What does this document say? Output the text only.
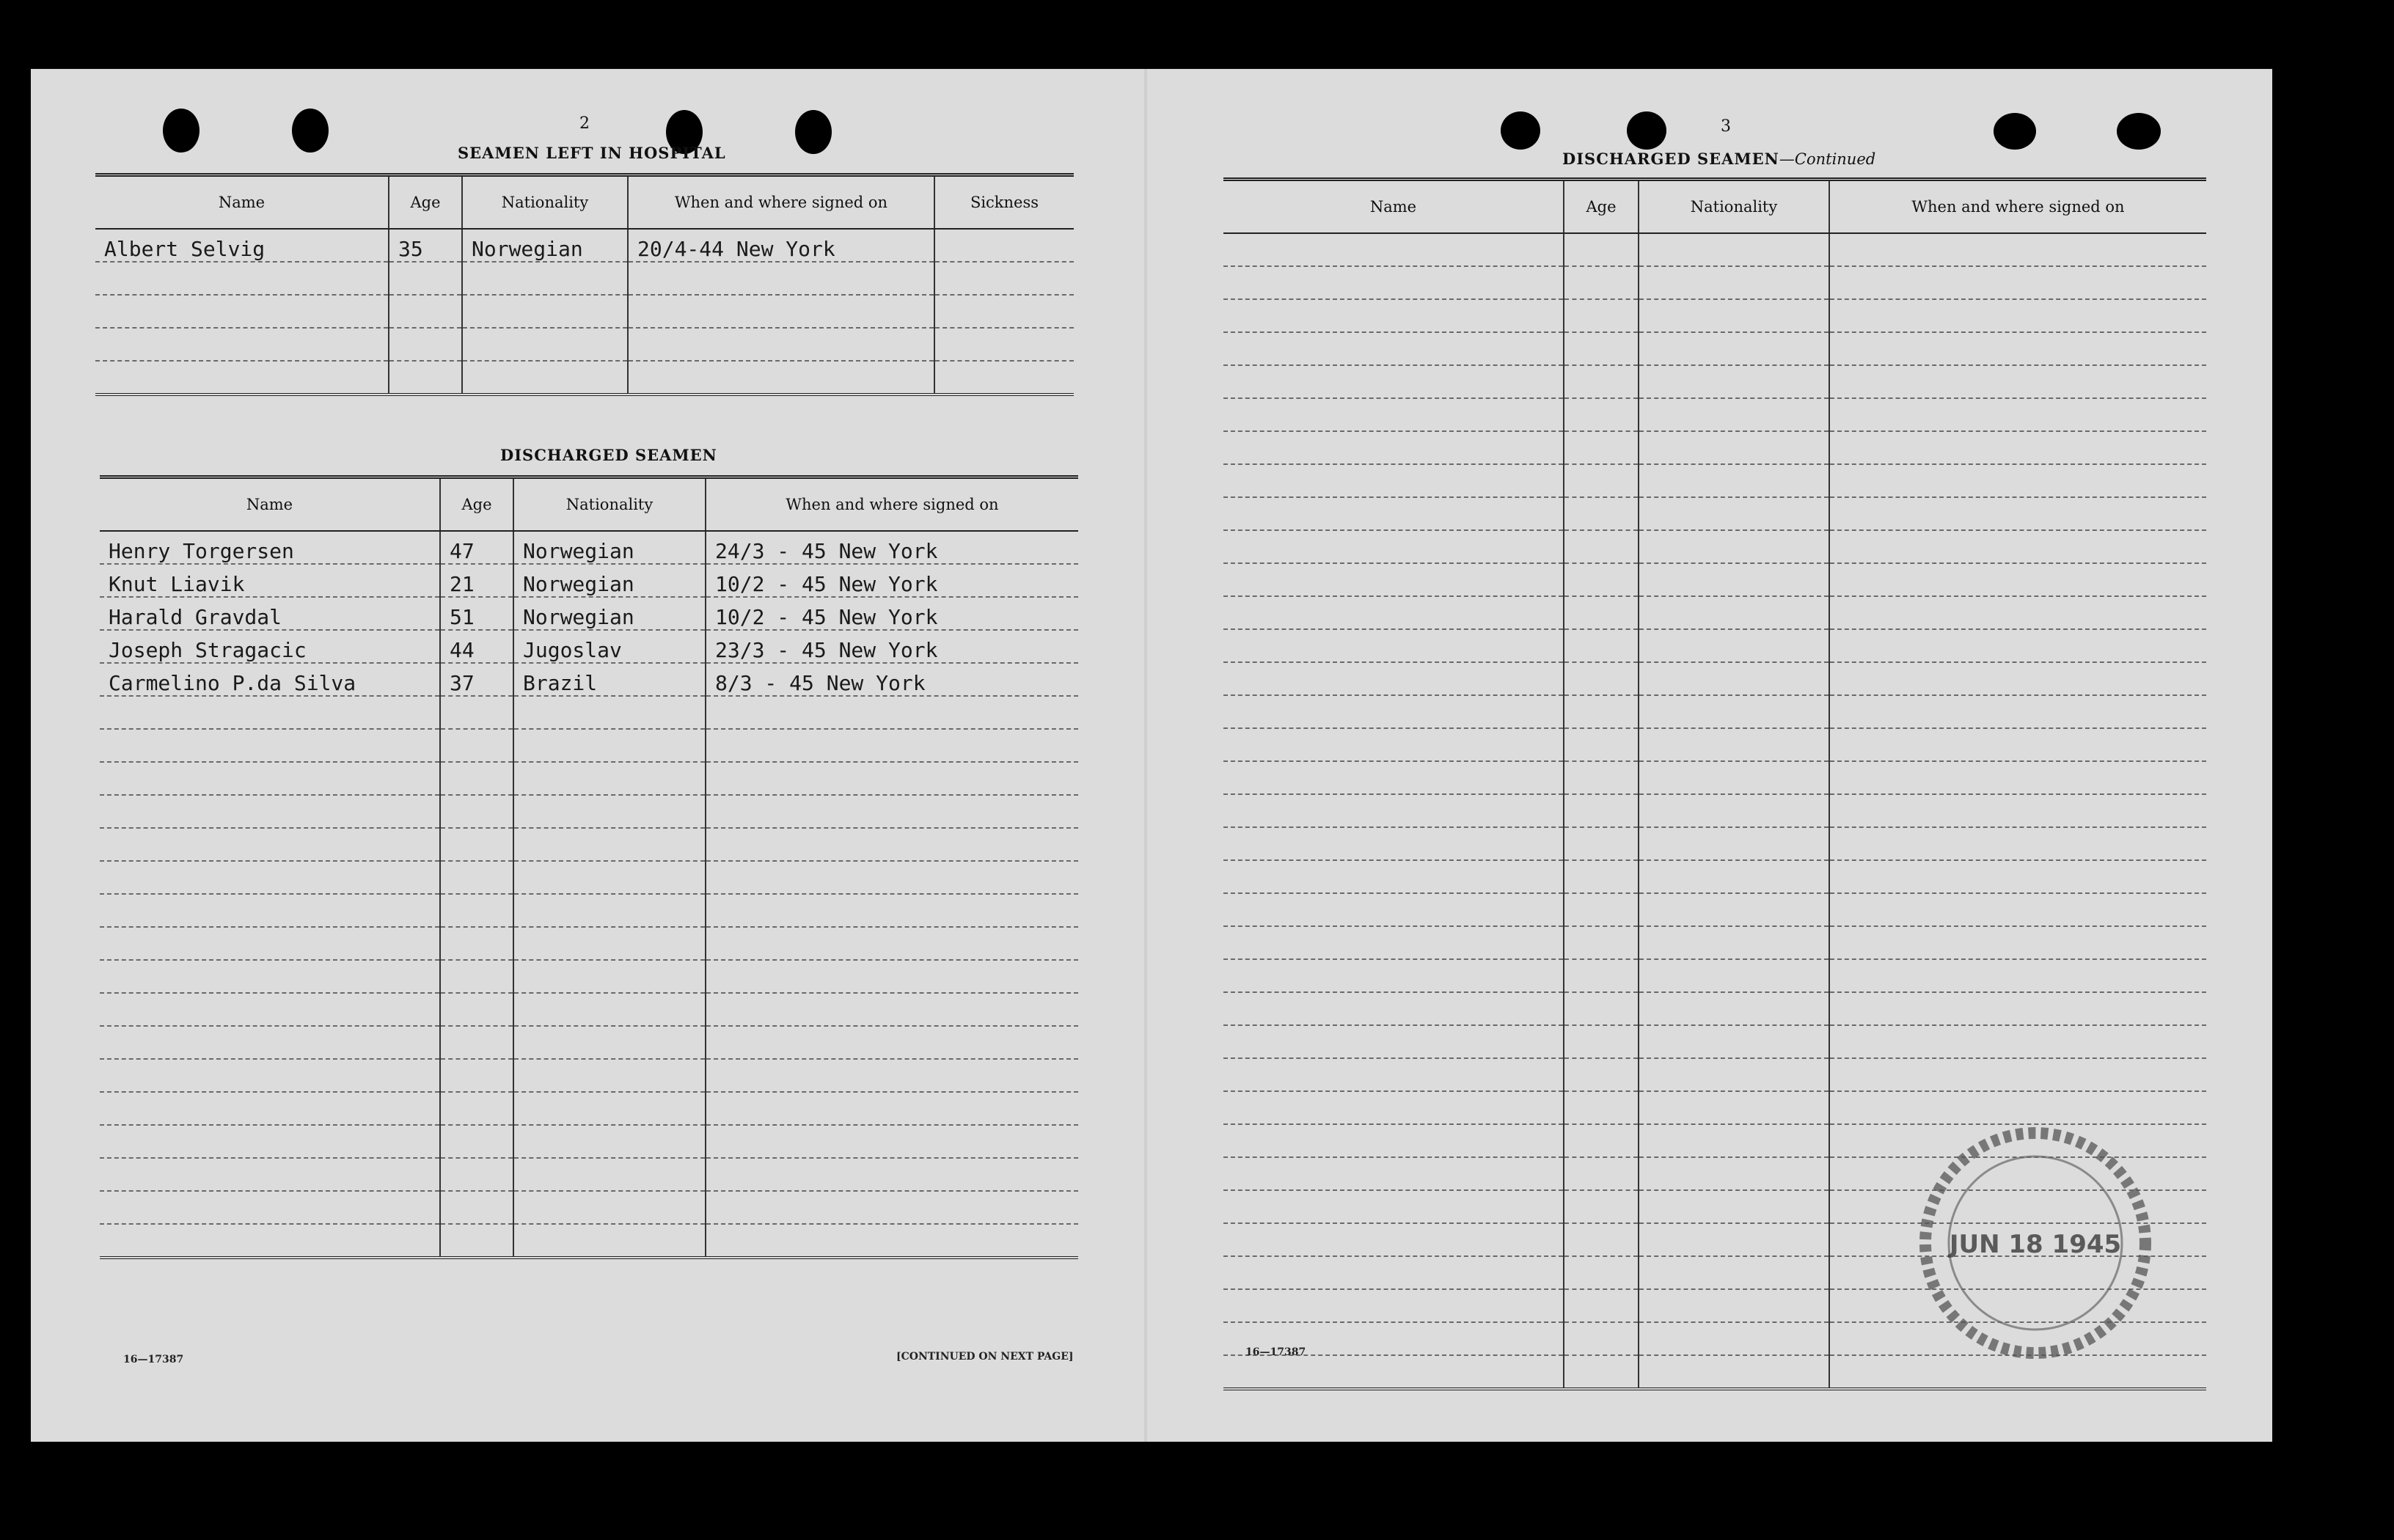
2
SEAMEN LEFT IN HOSPITAL
Name	Age	Nationality	When and where signed on	Sickness
Albert Selvig	35	Norwegian	20/4-44 New York	

DISCHARGED SEAMEN
Name	Age	Nationality	When and where signed on
Henry Torgersen	47	Norwegian	24/3 - 45 New York
Knut Liavik	21	Norwegian	10/2 - 45 New York
Harald Gravdal	51	Norwegian	10/2 - 45 New York
Joseph Stragacic	44	Jugoslav	23/3 - 45 New York
Carmelino P.da Silva	37	Brazil	8/3 - 45 New York

16—17387	[CONTINUED ON NEXT PAGE]
3
DISCHARGED SEAMEN—Continued
Name	Age	Nationality	When and where signed on

16—17387
JUN 18 1945
